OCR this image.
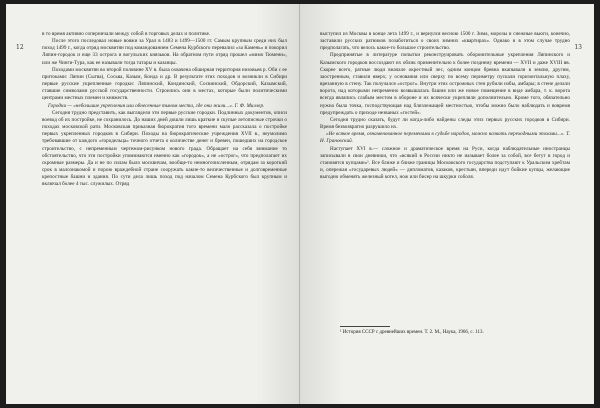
12

в то время активно соперничали между собой в торговых делах и политике.

После этого последовал новые вояжи за Урал в 1483 и 1499—1500 гг. Самым крупным среди них был поход 1499 г., когда отряд москвитян под командованием Семена Курбского перевалил «за Камень» и покорил Ляпин-городок и еще 33 острога и вогульских князьков. На обратном пути отряд прошел «мимо Тюмени», или же Чинги-Тура, как ее называли тогда татары и казанцы.

Походами москвитян во второй половине XV в. была охвачена обширная территория низовьев р. Оби с ее притоками: Ляпин (Сыгва), Сосьва, Казым, Конда и др. В результате этих походов и возникли в Сибири первые русские укрепленные городки: Ляпинский, Кондинский, Сосвинский, Обдорский, Казымский, ставшие символами русской государственности. Строились они в местах, которые были политическими центрами местных племен и княжеств.

Городки — «небольшие укрепления или обнесенные тыном места, где они жили...». Г. Ф. Миллер.

Сегодня трудно представить, как выглядели эти первые русские городки. Подлинных документов, описи воевод об их постройке, не сохранилось. До наших дней дошли лишь краткие и скупые летописные строчки о походах московской рати. Московская приказная бюрократия того времени мало рассказала о постройке первых укрепленных городков в Сибири. Походы на бюрократические учреждения XVII в., неумолимо требовавшие от каждого «городельца» точного отчета о количестве денег и бревен, пошедших на городское строительство, с непременным чертежом-рисунком нового града. Обращает на себя внимание то обстоятельство, что эти постройки упоминаются именно как «городок», а не «острог», что предполагает их скромные размеры. Да и не по силам было москвичам, вообще-то немногочисленным, отрядам за короткий срок в малознакомой и порою враждебной стране сооружать какие-то величественные и долговременные крепостные башни и здания. По сути дела лишь поход под началом Семена Курбского был крупным и включал более 4 тыс. служилых. Отряд

13

выступил из Москвы в конце лета 1499 г., и вернулся весною 1500 г. Зима, морозы и снежные вьюги, конечно, заставили русских ратников позаботиться о своих зимних «квартирах». Однако и в этом случае трудно предполагать, что велось какое-то большое строительство.

Предпринятые в литературе попытки реконструировать оборонительные укрепления Ляпинского и Казымского городков воссоздают их облик применительно к более позднему времени — XVII и даже XVIII вв. Скорее всего, ратные люди вначале окрестный лес, одним концом бревна вкапывали в землю, другим, заостренным, ставили вверх; у основания или сверху по всему периметру пускали горизонтальную плаху, врезанную в стену. Так получался «острог». Внутри этих острожных стен рубили избы, амбары; в стене делали ворота, над которыми непременно возвышалась башня или же новое помещение в виде амбара, т. к. ворота всегда являлись слабым местом в обороне и их всячески укрепляли дополнительно. Кроме того, обязательно нужна была точка, господствующая над близлежащей местностью, чтобы можно было наблюдать и вовремя предупреждать о приходе незваных «гостей».

Сегодня трудно сказать, будут ли когда-либо найдены следы этих первых русских городков в Сибири. Время безвозвратно разрушило их.

«Не всякое время, ознаменованное переменами в судьбе народов, можно назвать переходными эпохами...». Т. Н. Грановский.

Наступает XVI в.— сложное и драматическое время на Руси, когда наблюдательные иностранцы записывали в свои дневники, что «всякий в России никто не называет более за собой, все бегут в город и становятся купцами»¹. Все ближе и ближе границы Московского государства подступают к Уральским хребтам и, опережая «государевых людей» — дипломатов, казаков, крестьян, впереди идут бойкие купцы, желающие выгодно обменять железный котел, нож или бисер на шкурки соболя.

¹ История СССР с древнейших времен. Т. 2. М., Наука, 1966, с. 113.
